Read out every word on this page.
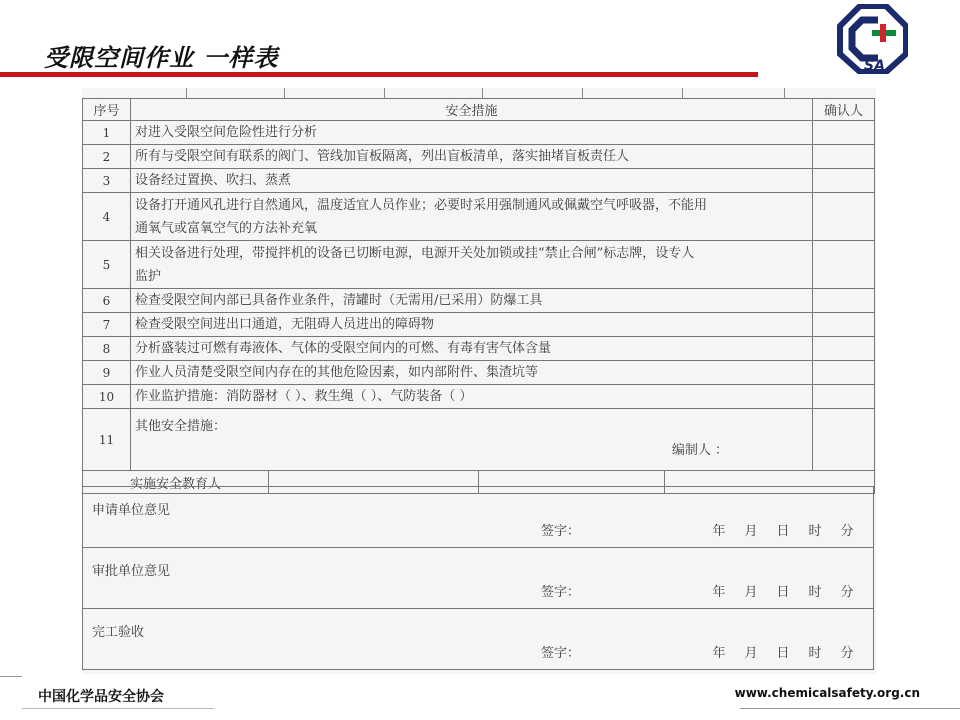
受限空间作业 一样表	SA
序号	安全措施				确认人
1	对进入受限空间危险性进行分析				
2	所有与受限空间有联系的阀门、管线加盲板隔离，列出盲板清单，落实抽堵盲板责任人				
3	设备经过置换、吹扫、蒸煮				
4	设备打开通风孔进行自然通风，温度适宜人员作业；必要时采用强制通风或佩戴空气呼吸器，不能用
通氧气或富氧空气的方法补充氧				

5	相关设备进行处理，带搅拌机的设备已切断电源，电源开关处加锁或挂“禁止合闸”标志牌，设专人
监护				

6	检查受限空间内部已具备作业条件，清罐时（无需用/已采用）防爆工具				
7	检查受限空间进出口通道，无阻碍人员进出的障碍物				
8	分析盛装过可燃有毒液体、气体的受限空间内的可燃、有毒有害气体含量				
9	作业人员清楚受限空间内存在的其他危险因素，如内部附件、集渣坑等				
10	作业监护措施：消防器材（ ）、救生绳（ ）、气防装备（ ）				
11	其他安全措施：
编制人 ：				

实施安全教育人					
申请单位意见
签字：	年	月	日	时	分

审批单位意见
签字：	年	月	日	时	分

完工验收
签字：	年	月	日	时	分
中国化学品安全协会	www.chemicalsafety.org.cn
